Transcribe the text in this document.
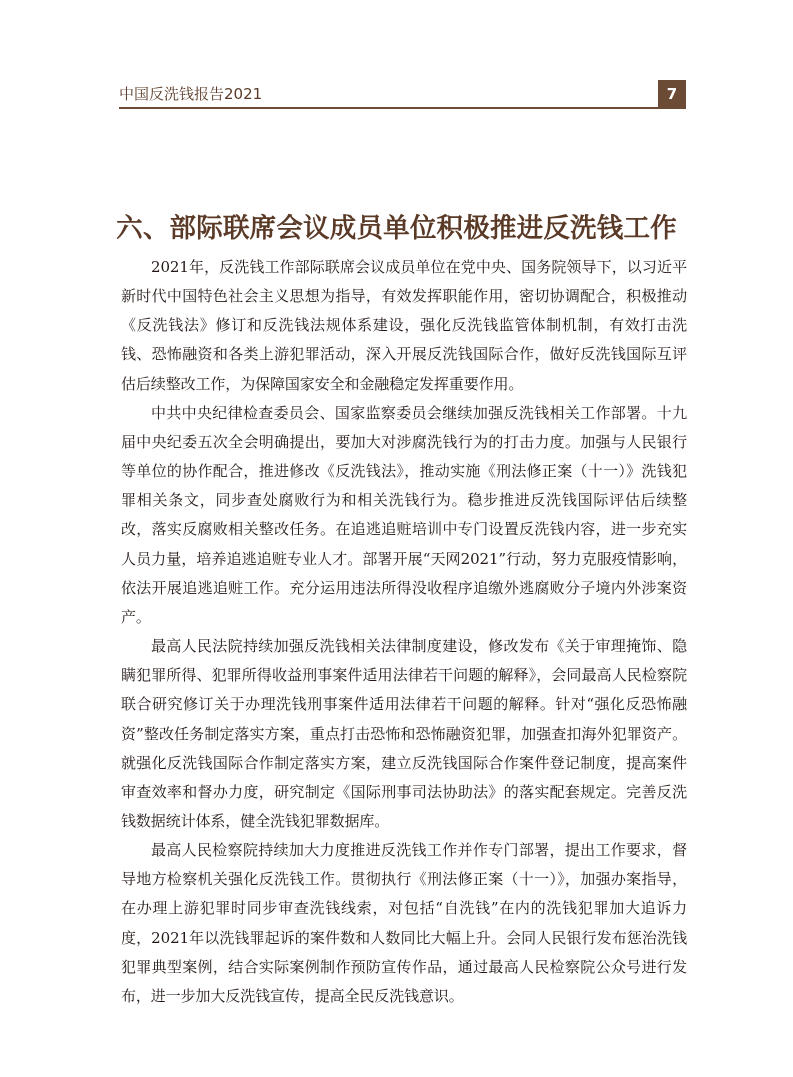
中国反洗钱报告2021	7
六、部际联席会议成员单位积极推进反洗钱工作

2021年，反洗钱工作部际联席会议成员单位在党中央、国务院领导下，以习近平新时代中国特色社会主义思想为指导，有效发挥职能作用，密切协调配合，积极推动《反洗钱法》修订和反洗钱法规体系建设，强化反洗钱监管体制机制，有效打击洗钱、恐怖融资和各类上游犯罪活动，深入开展反洗钱国际合作，做好反洗钱国际互评估后续整改工作，为保障国家安全和金融稳定发挥重要作用。

中共中央纪律检查委员会、国家监察委员会继续加强反洗钱相关工作部署。十九届中央纪委五次全会明确提出，要加大对涉腐洗钱行为的打击力度。加强与人民银行等单位的协作配合，推进修改《反洗钱法》，推动实施《刑法修正案（十一）》洗钱犯罪相关条文，同步查处腐败行为和相关洗钱行为。稳步推进反洗钱国际评估后续整改，落实反腐败相关整改任务。在追逃追赃培训中专门设置反洗钱内容，进一步充实人员力量，培养追逃追赃专业人才。部署开展“天网2021”行动，努力克服疫情影响，依法开展追逃追赃工作。充分运用违法所得没收程序追缴外逃腐败分子境内外涉案资产。

最高人民法院持续加强反洗钱相关法律制度建设，修改发布《关于审理掩饰、隐瞒犯罪所得、犯罪所得收益刑事案件适用法律若干问题的解释》，会同最高人民检察院联合研究修订关于办理洗钱刑事案件适用法律若干问题的解释。针对“强化反恐怖融资”整改任务制定落实方案，重点打击恐怖和恐怖融资犯罪，加强查扣海外犯罪资产。就强化反洗钱国际合作制定落实方案，建立反洗钱国际合作案件登记制度，提高案件审查效率和督办力度，研究制定《国际刑事司法协助法》的落实配套规定。完善反洗钱数据统计体系，健全洗钱犯罪数据库。

最高人民检察院持续加大力度推进反洗钱工作并作专门部署，提出工作要求，督导地方检察机关强化反洗钱工作。贯彻执行《刑法修正案（十一）》，加强办案指导，在办理上游犯罪时同步审查洗钱线索，对包括“自洗钱”在内的洗钱犯罪加大追诉力度，2021年以洗钱罪起诉的案件数和人数同比大幅上升。会同人民银行发布惩治洗钱犯罪典型案例，结合实际案例制作预防宣传作品，通过最高人民检察院公众号进行发布，进一步加大反洗钱宣传，提高全民反洗钱意识。
